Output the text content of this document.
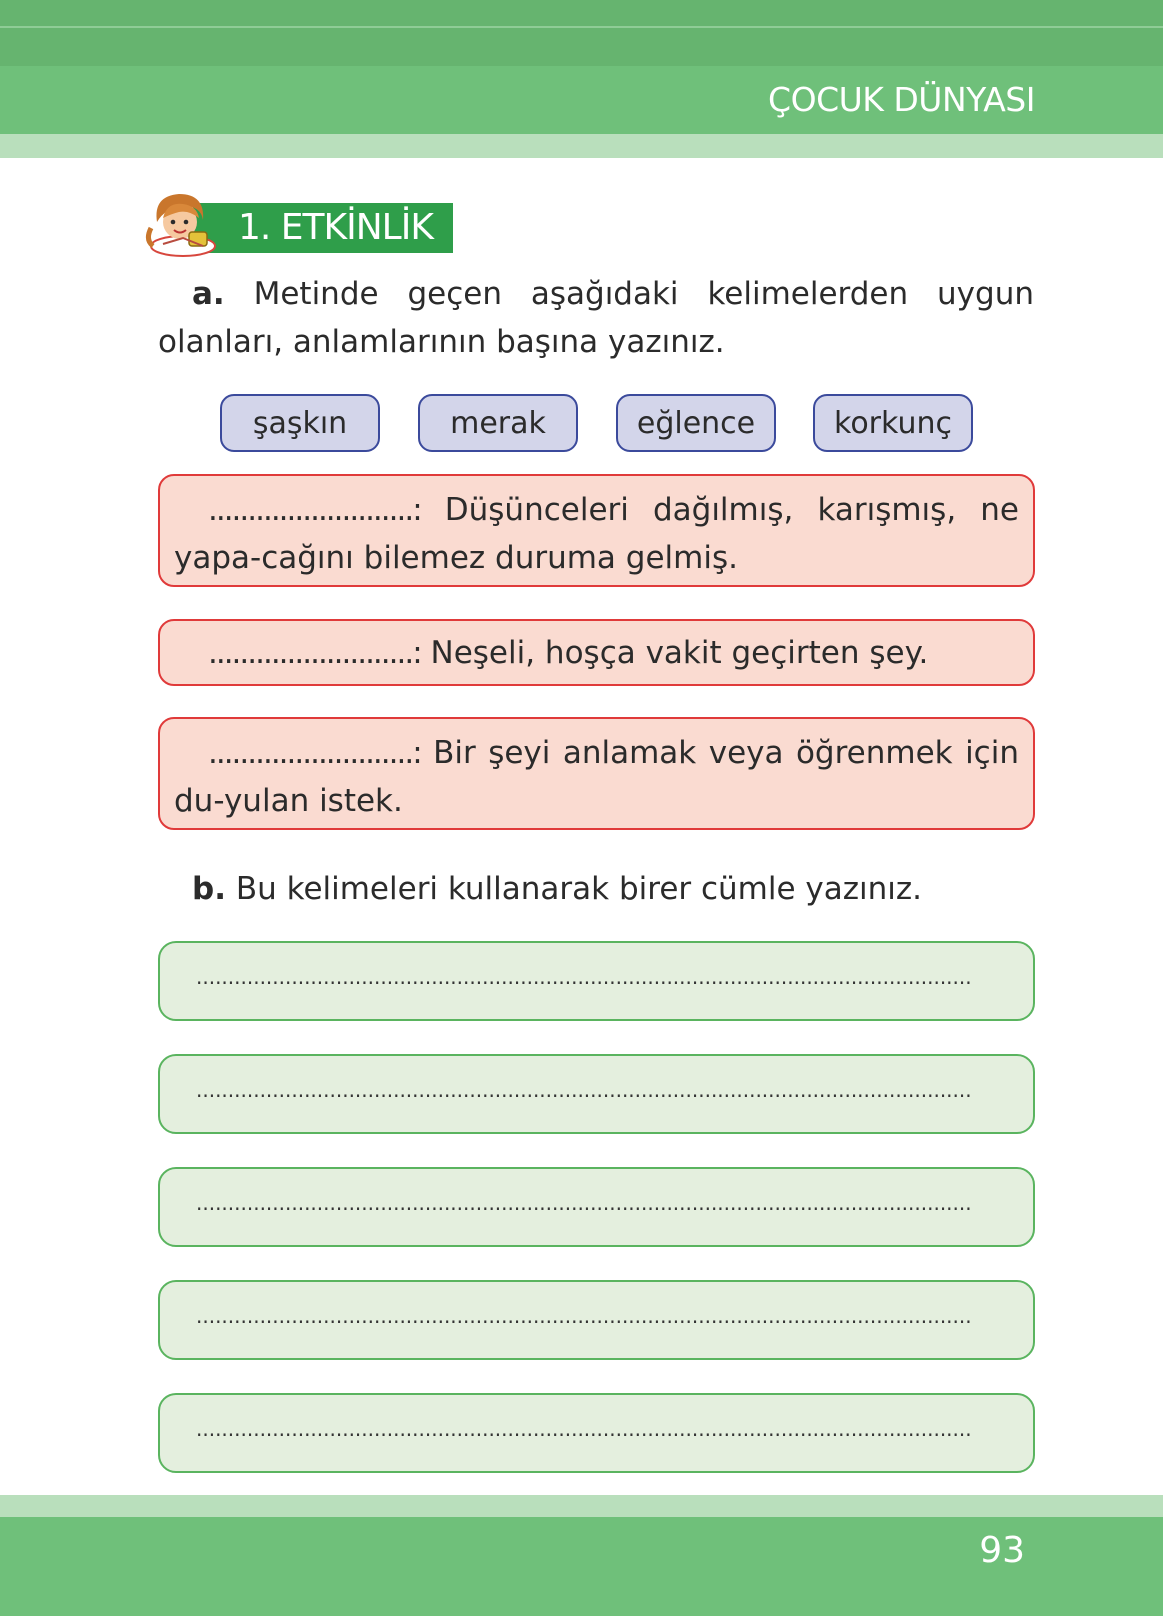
ÇOCUK DÜNYASI
1. ETKİNLİK
a. Metinde geçen aşağıdaki kelimelerden uygun olanları, anlamlarının başına yazınız.
şaşkın	merak	eğlence	korkunç
..........................: Düşünceleri dağılmış, karışmış, ne yapa-cağını bilemez duruma gelmiş.
..........................: Neşeli, hoşça vakit geçirten şey.
..........................: Bir şeyi anlamak veya öğrenmek için du-yulan istek.
b. Bu kelimeleri kullanarak birer cümle yazınız.
..........................................................................................................................
..........................................................................................................................
..........................................................................................................................
..........................................................................................................................
..........................................................................................................................
93
